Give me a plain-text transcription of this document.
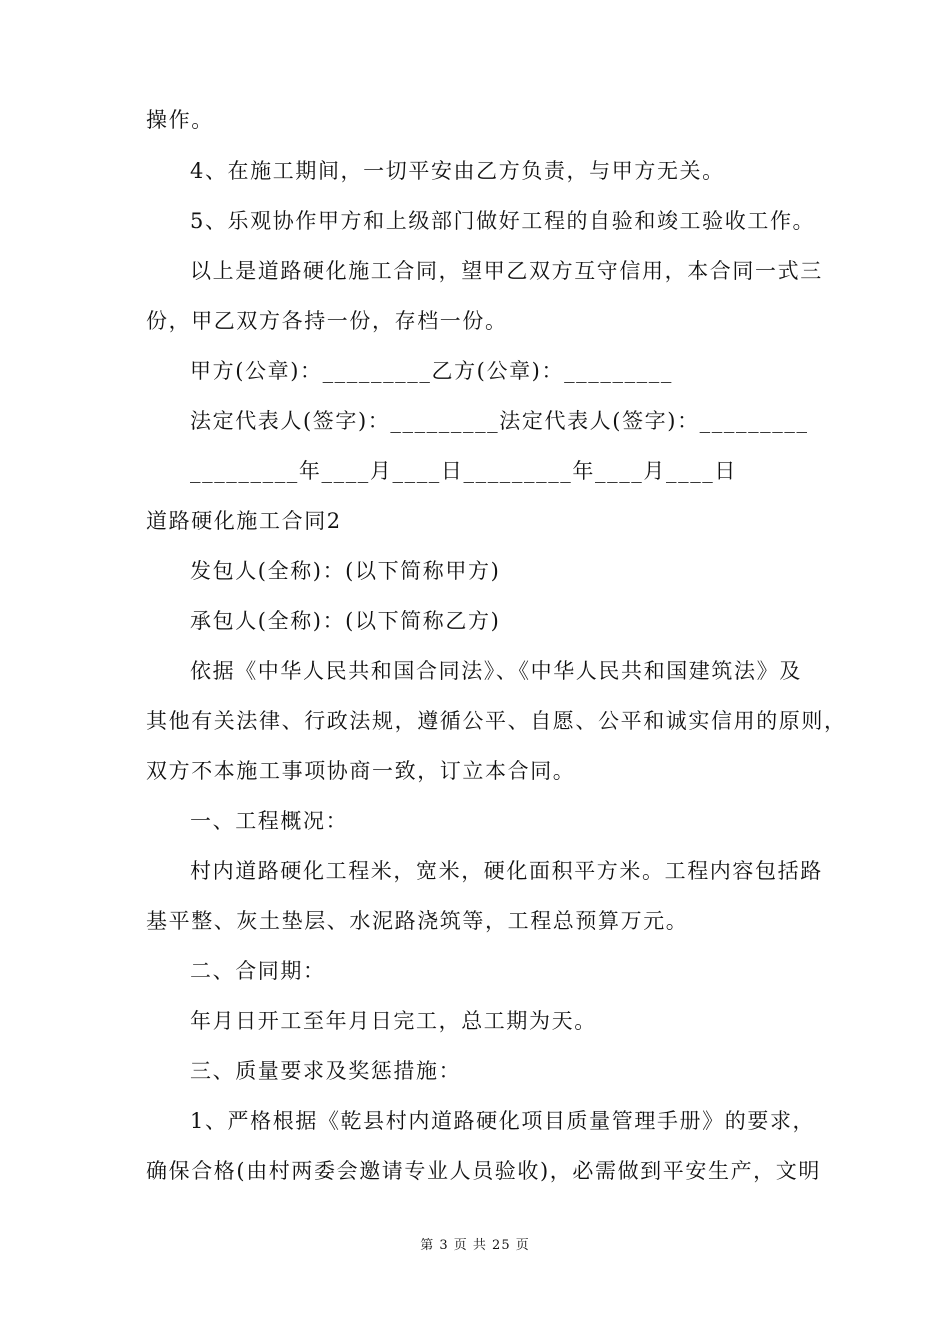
操作。
4、在施工期间，一切平安由乙方负责，与甲方无关。
5、乐观协作甲方和上级部门做好工程的自验和竣工验收工作。
以上是道路硬化施工合同，望甲乙双方互守信用，本合同一式三
份，甲乙双方各持一份，存档一份。
甲方(公章)：_________乙方(公章)：_________
法定代表人(签字)：_________法定代表人(签字)：_________
_________年____月____日_________年____月____日
道路硬化施工合同2
发包人(全称)：(以下简称甲方)
承包人(全称)：(以下简称乙方)
依据《中华人民共和国合同法》、《中华人民共和国建筑法》及
其他有关法律、行政法规，遵循公平、自愿、公平和诚实信用的原则，
双方不本施工事项协商一致，订立本合同。
一、工程概况：
村内道路硬化工程米，宽米，硬化面积平方米。工程内容包括路
基平整、灰土垫层、水泥路浇筑等，工程总预算万元。
二、合同期：
年月日开工至年月日完工，总工期为天。
三、质量要求及奖惩措施：
1、严格根据《乾县村内道路硬化项目质量管理手册》的要求，
确保合格(由村两委会邀请专业人员验收)，必需做到平安生产，文明
第 3 页 共 25 页
